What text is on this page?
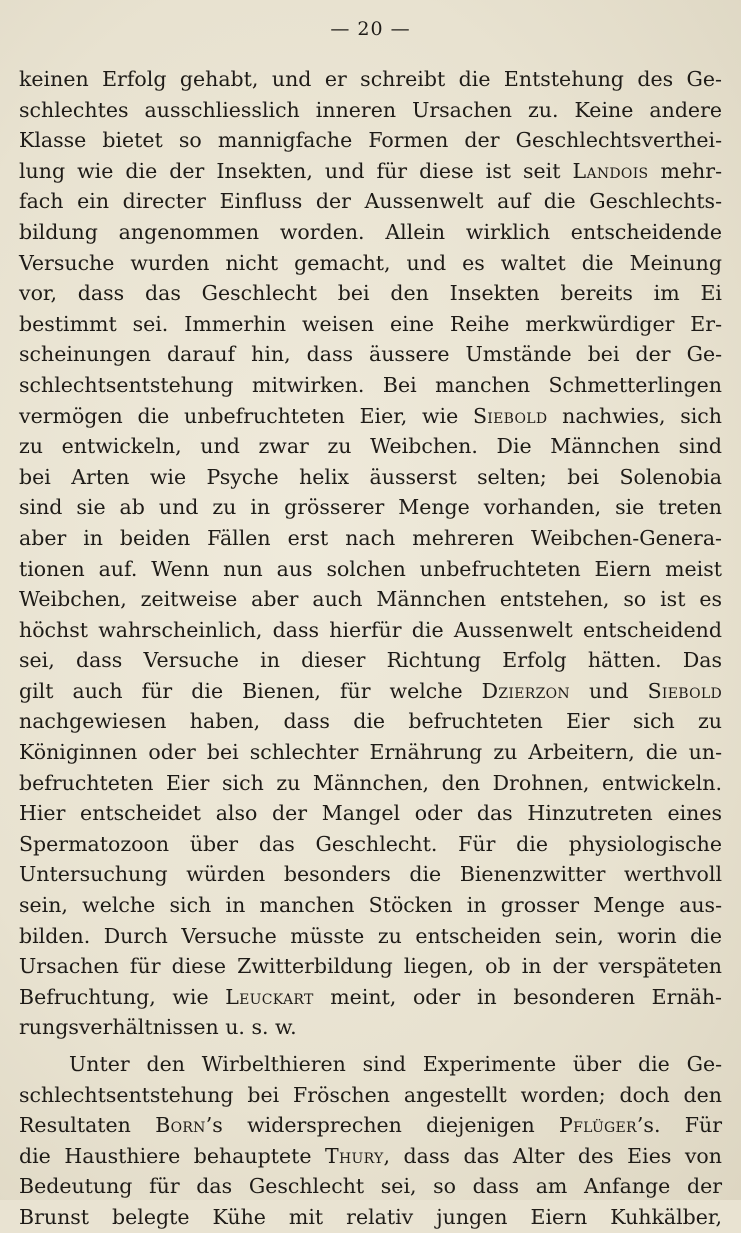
— 20 —
keinen Erfolg gehabt, und er schreibt die Entstehung des Ge-
schlechtes ausschliesslich inneren Ursachen zu. Keine andere
Klasse bietet so mannigfache Formen der Geschlechtsverthei-
lung wie die der Insekten, und für diese ist seit Landois mehr-
fach ein directer Einfluss der Aussenwelt auf die Geschlechts-
bildung angenommen worden. Allein wirklich entscheidende
Versuche wurden nicht gemacht, und es waltet die Meinung
vor, dass das Geschlecht bei den Insekten bereits im Ei
bestimmt sei. Immerhin weisen eine Reihe merkwürdiger Er-
scheinungen darauf hin, dass äussere Umstände bei der Ge-
schlechtsentstehung mitwirken. Bei manchen Schmetterlingen
vermögen die unbefruchteten Eier, wie Siebold nachwies, sich
zu entwickeln, und zwar zu Weibchen. Die Männchen sind
bei Arten wie Psyche helix äusserst selten; bei Solenobia
sind sie ab und zu in grösserer Menge vorhanden, sie treten
aber in beiden Fällen erst nach mehreren Weibchen-Genera-
tionen auf. Wenn nun aus solchen unbefruchteten Eiern meist
Weibchen, zeitweise aber auch Männchen entstehen, so ist es
höchst wahrscheinlich, dass hierfür die Aussenwelt entscheidend
sei, dass Versuche in dieser Richtung Erfolg hätten. Das
gilt auch für die Bienen, für welche Dzierzon und Siebold
nachgewiesen haben, dass die befruchteten Eier sich zu
Königinnen oder bei schlechter Ernährung zu Arbeitern, die un-
befruchteten Eier sich zu Männchen, den Drohnen, entwickeln.
Hier entscheidet also der Mangel oder das Hinzutreten eines
Spermatozoon über das Geschlecht. Für die physiologische
Untersuchung würden besonders die Bienenzwitter werthvoll
sein, welche sich in manchen Stöcken in grosser Menge aus-
bilden. Durch Versuche müsste zu entscheiden sein, worin die
Ursachen für diese Zwitterbildung liegen, ob in der verspäteten
Befruchtung, wie Leuckart meint, oder in besonderen Ernäh-
rungsverhältnissen u. s. w.
Unter den Wirbelthieren sind Experimente über die Ge-
schlechtsentstehung bei Fröschen angestellt worden; doch den
Resultaten Born’s widersprechen diejenigen Pflüger’s. Für
die Hausthiere behauptete Thury, dass das Alter des Eies von
Bedeutung für das Geschlecht sei, so dass am Anfange der
Brunst belegte Kühe mit relativ jungen Eiern Kuhkälber,
